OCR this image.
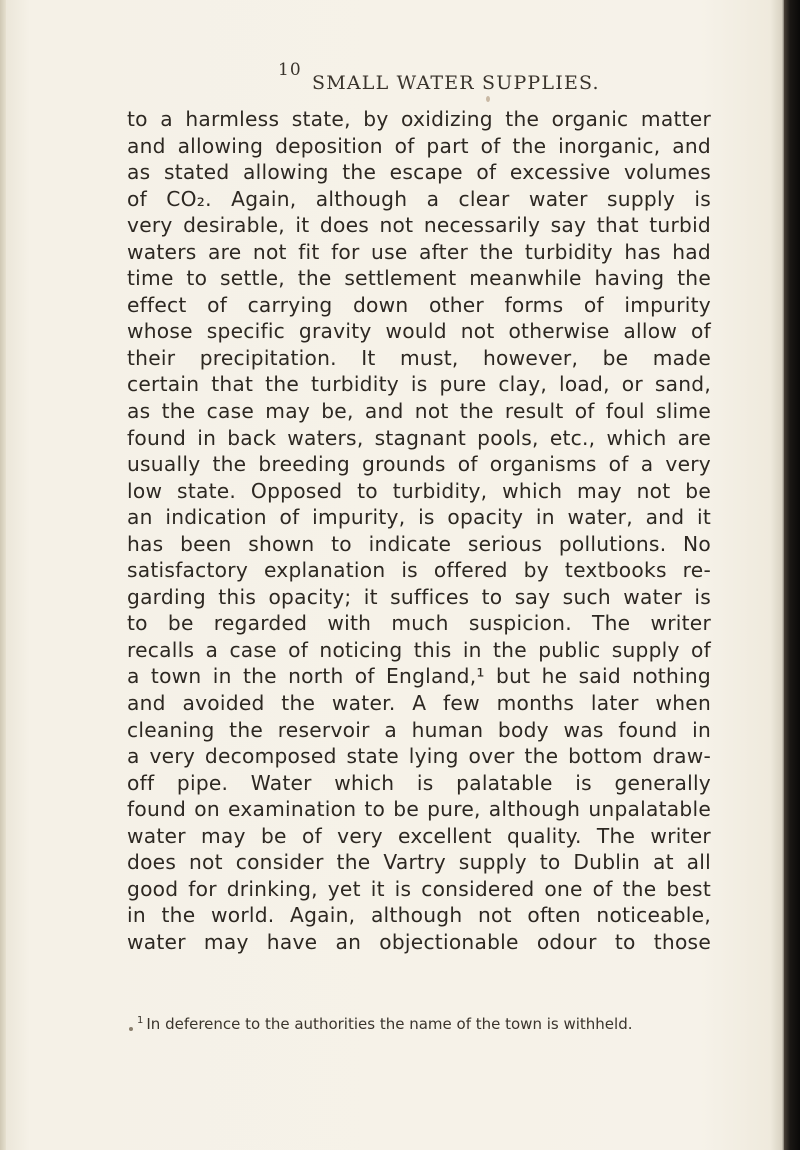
10
SMALL WATER SUPPLIES.
to a harmless state, by oxidizing the organic matter
and allowing deposition of part of the inorganic, and
as stated allowing the escape of excessive volumes
of CO₂. Again, although a clear water supply is
very desirable, it does not necessarily say that turbid
waters are not fit for use after the turbidity has had
time to settle, the settlement meanwhile having the
effect of carrying down other forms of impurity
whose specific gravity would not otherwise allow of
their precipitation. It must, however, be made
certain that the turbidity is pure clay, load, or sand,
as the case may be, and not the result of foul slime
found in back waters, stagnant pools, etc., which are
usually the breeding grounds of organisms of a very
low state. Opposed to turbidity, which may not be
an indication of impurity, is opacity in water, and it
has been shown to indicate serious pollutions. No
satisfactory explanation is offered by textbooks re-
garding this opacity; it suffices to say such water is
to be regarded with much suspicion. The writer
recalls a case of noticing this in the public supply of
a town in the north of England,¹ but he said nothing
and avoided the water. A few months later when
cleaning the reservoir a human body was found in
a very decomposed state lying over the bottom draw-
off pipe. Water which is palatable is generally
found on examination to be pure, although unpalatable
water may be of very excellent quality. The writer
does not consider the Vartry supply to Dublin at all
good for drinking, yet it is considered one of the best
in the world. Again, although not often noticeable,
water may have an objectionable odour to those
$^1$ In deference to the authorities the name of the town is withheld.
